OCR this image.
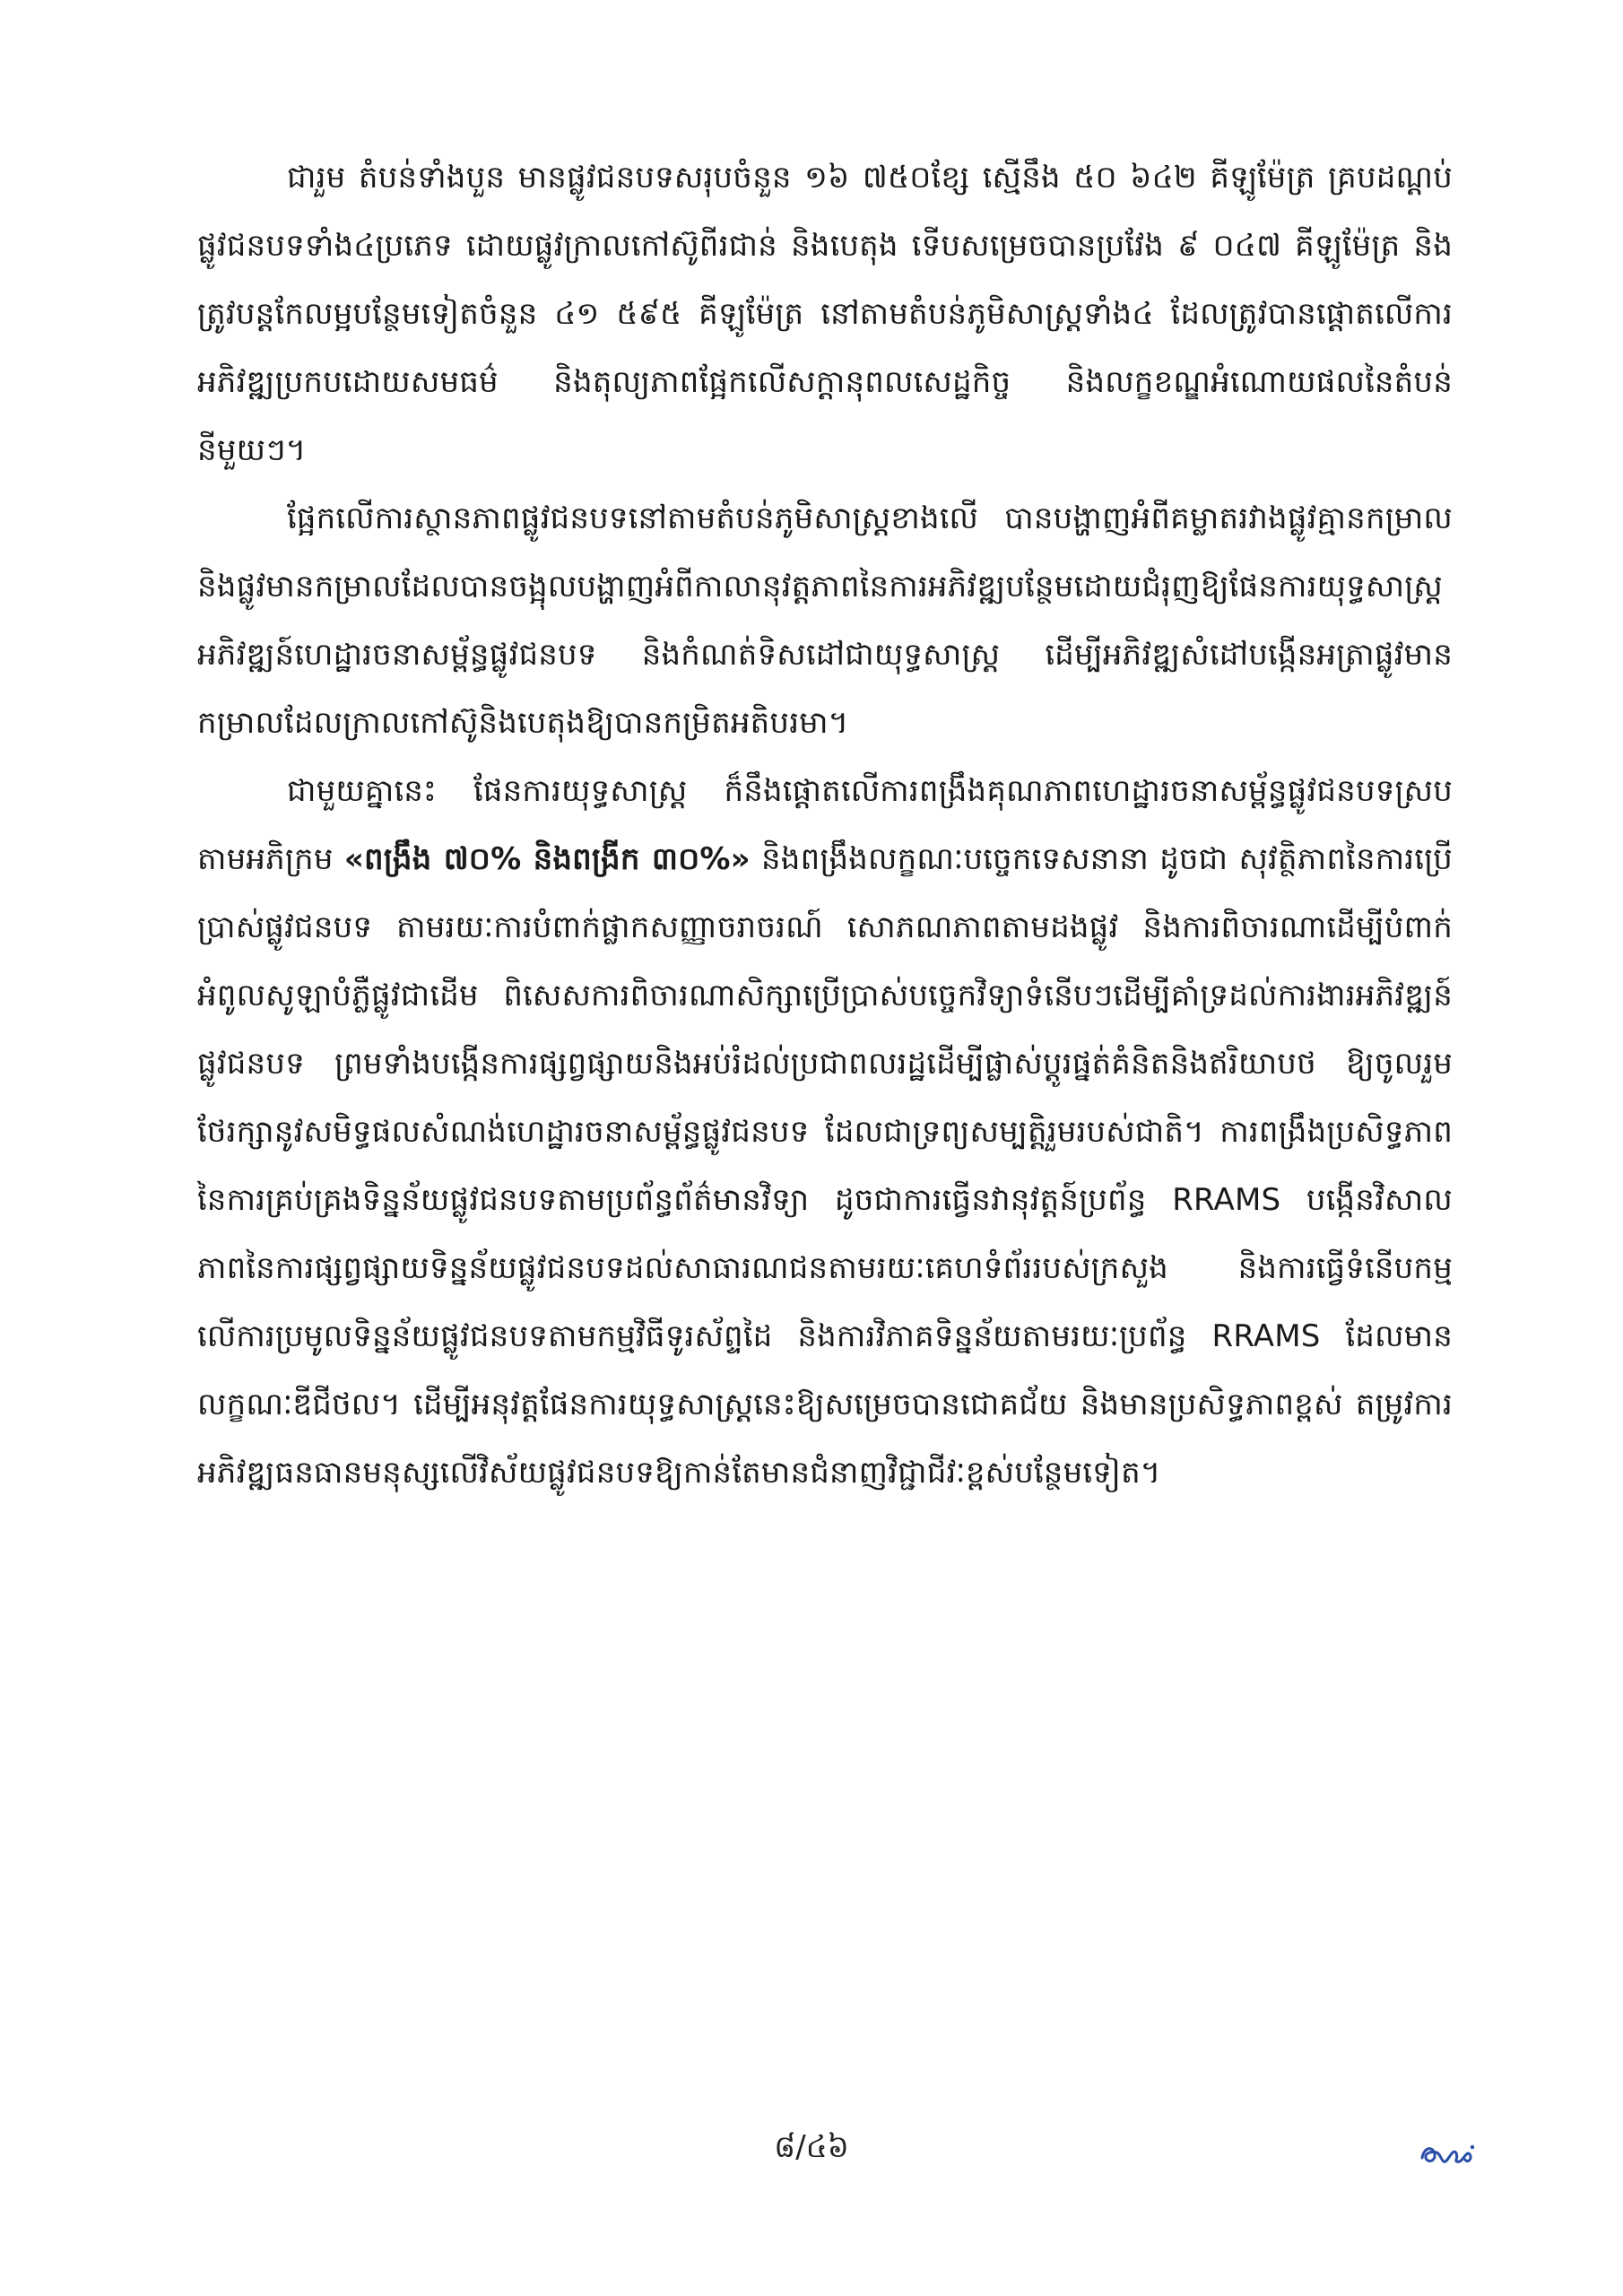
ជារួម តំបន់ទាំងបួន មានផ្លូវជនបទសរុបចំនួន ១៦ ៧៥០ខ្សែ ស្មើនឹង ៥០ ៦៤២ គីឡូម៉ែត្រ គ្របដណ្ដប់ផ្លូវជនបទទាំង៤ប្រភេទ ដោយផ្លូវក្រាលកៅស៊ូពីរជាន់ និងបេតុង ទើបសម្រេចបានប្រវែង ៩ ០៤៧ គីឡូម៉ែត្រ និងត្រូវបន្តកែលម្អបន្ថែមទៀតចំនួន ៤១ ៥៩៥ គីឡូម៉ែត្រ នៅតាមតំបន់ភូមិសាស្ត្រទាំង៤ ដែលត្រូវបានផ្ដោតលើការអភិវឌ្ឍប្រកបដោយសមធម៌ និងតុល្យភាពផ្អែកលើសក្ដានុពលសេដ្ឋកិច្ច និងលក្ខខណ្ឌអំណោយផលនៃតំបន់នីមួយៗ។

ផ្អែកលើការស្ថានភាពផ្លូវជនបទនៅតាមតំបន់ភូមិសាស្ត្រខាងលើ បានបង្ហាញអំពីគម្លាតរវាងផ្លូវគ្មានកម្រាលនិងផ្លូវមានកម្រាលដែលបានចង្អុលបង្ហាញអំពីកាលានុវត្តភាពនៃការអភិវឌ្ឍបន្ថែមដោយជំរុញឱ្យផែនការយុទ្ធសាស្ត្រអភិវឌ្ឍន៍ហេដ្ឋារចនាសម្ព័ន្ធផ្លូវជនបទ និងកំណត់ទិសដៅជាយុទ្ធសាស្ត្រ ដើម្បីអភិវឌ្ឍសំដៅបង្កើនអត្រាផ្លូវមានកម្រាលដែលក្រាលកៅស៊ូនិងបេតុងឱ្យបានកម្រិតអតិបរមា។

ជាមួយគ្នានេះ ផែនការយុទ្ធសាស្ត្រ ក៏នឹងផ្ដោតលើការពង្រឹងគុណភាពហេដ្ឋារចនាសម្ព័ន្ធផ្លូវជនបទស្របតាមអភិក្រម «ពង្រឹង ៧០% និងពង្រីក ៣០%» និងពង្រឹងលក្ខណៈបច្ចេកទេសនានា ដូចជា សុវត្ថិភាពនៃការប្រើប្រាស់ផ្លូវជនបទ តាមរយៈការបំពាក់ផ្លាកសញ្ញាចរាចរណ៍ សោភណភាពតាមដងផ្លូវ និងការពិចារណាដើម្បីបំពាក់អំពូលសូឡាបំភ្លឺផ្លូវជាដើម ពិសេសការពិចារណាសិក្សាប្រើប្រាស់បច្ចេកវិទ្យាទំនើបៗដើម្បីគាំទ្រដល់ការងារអភិវឌ្ឍន៍ផ្លូវជនបទ ព្រមទាំងបង្កើនការផ្សព្វផ្សាយនិងអប់រំដល់ប្រជាពលរដ្ឋដើម្បីផ្លាស់ប្ដូរផ្នត់គំនិតនិងឥរិយាបថ ឱ្យចូលរួមថែរក្សានូវសមិទ្ធផលសំណង់ហេដ្ឋារចនាសម្ព័ន្ធផ្លូវជនបទ ដែលជាទ្រព្យសម្បត្តិរួមរបស់ជាតិ។ ការពង្រឹងប្រសិទ្ធភាពនៃការគ្រប់គ្រងទិន្នន័យផ្លូវជនបទតាមប្រព័ន្ធព័ត៌មានវិទ្យា ដូចជាការធ្វើនវានុវត្តន៍ប្រព័ន្ធ RRAMS បង្កើនវិសាលភាពនៃការផ្សព្វផ្សាយទិន្នន័យផ្លូវជនបទដល់សាធារណជនតាមរយៈគេហទំព័ររបស់ក្រសួង និងការធ្វើទំនើបកម្មលើការប្រមូលទិន្នន័យផ្លូវជនបទតាមកម្មវិធីទូរស័ព្ទដៃ និងការវិភាគទិន្នន័យតាមរយៈប្រព័ន្ធ RRAMS ដែលមានលក្ខណៈឌីជីថល។ ដើម្បីអនុវត្តផែនការយុទ្ធសាស្ត្រនេះឱ្យសម្រេចបានជោគជ័យ និងមានប្រសិទ្ធភាពខ្ពស់ តម្រូវការអភិវឌ្ឍធនធានមនុស្សលើវិស័យផ្លូវជនបទឱ្យកាន់តែមានជំនាញវិជ្ជាជីវៈខ្ពស់បន្ថែមទៀត។

៨/៤៦
